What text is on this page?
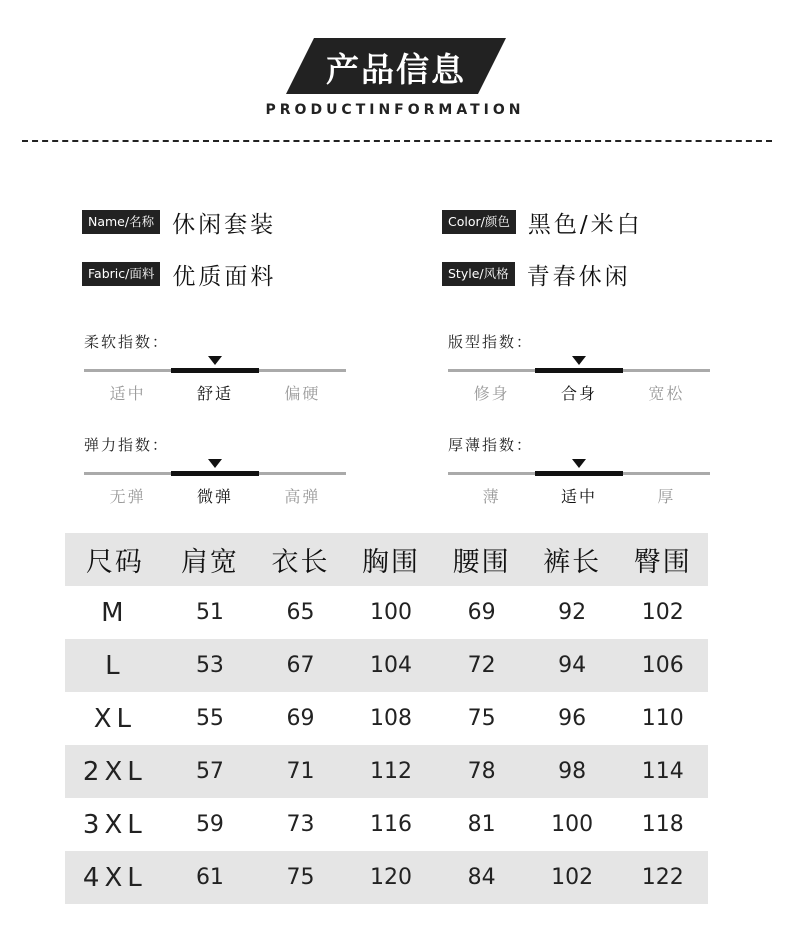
产品信息
PRODUCTINFORMATION
Name/名称 休闲套装
Fabric/面料 优质面料
Color/颜色 黑色/米白
Style/风格 青春休闲
柔软指数：
适中	舒适	偏硬
版型指数：
修身	合身	宽松
弹力指数：
无弹	微弹	高弹
厚薄指数：
薄	适中	厚
尺码	肩宽	衣长	胸围	腰围	裤长	臀围
M	51	65	100	69	92	102
L	53	67	104	72	94	106
XL	55	69	108	75	96	110
2XL	57	71	112	78	98	114
3XL	59	73	116	81	100	118
4XL	61	75	120	84	102	122
